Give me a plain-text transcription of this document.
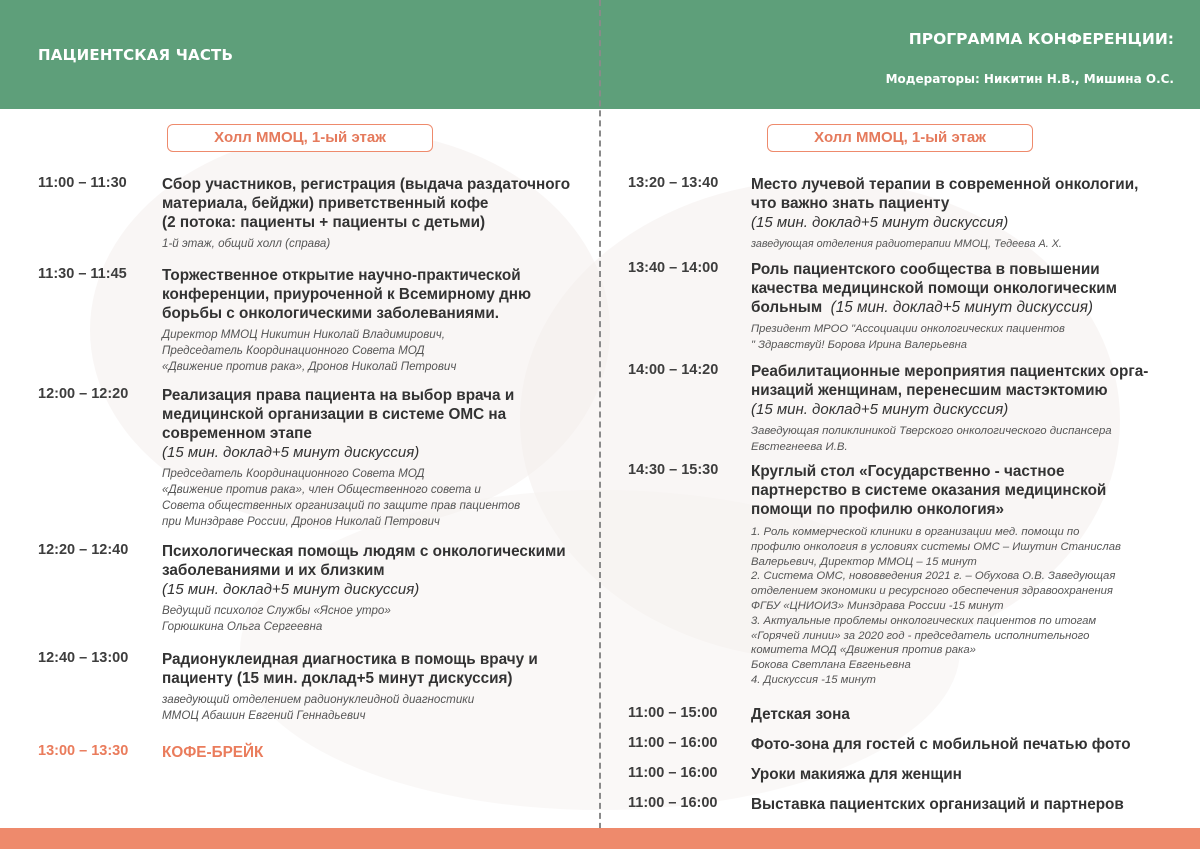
ПАЦИЕНТСКАЯ ЧАСТЬ
ПРОГРАММА КОНФЕРЕНЦИИ:
Модераторы: Никитин Н.В., Мишина О.С.
Холл ММОЦ, 1-ый этаж	Холл ММОЦ, 1-ый этаж
11:00 – 11:30 Сбор участников, регистрация (выдача раздаточного
материала, бейджи) приветственный кофе
(2 потока: пациенты + пациенты с детьми)
1-й этаж, общий холл (справа)
11:30 – 11:45 Торжественное открытие научно-практической
конференции, приуроченной к Всемирному дню
борьбы с онкологическими заболеваниями.
Директор ММОЦ Никитин Николай Владимирович,
Председатель Координационного Совета МОД
«Движение против рака», Дронов Николай Петрович
12:00 – 12:20 Реализация права пациента на выбор врача и
медицинской организации в системе ОМС на
современном этапе
(15 мин. доклад+5 минут дискуссия)
Председатель Координационного Совета МОД
«Движение против рака», член Общественного совета и
Совета общественных организаций по защите прав пациентов
при Минздраве России, Дронов Николай Петрович
12:20 – 12:40 Психологическая помощь людям с онкологическими
заболеваниями и их близким
(15 мин. доклад+5 минут дискуссия)
Ведущий психолог Службы «Ясное утро»
Горюшкина Ольга Сергеевна
12:40 – 13:00 Радионуклеидная диагностика в помощь врачу и
пациенту (15 мин. доклад+5 минут дискуссия)
заведующий отделением радионуклеидной диагностики
ММОЦ Абашин Евгений Геннадьевич
13:00 – 13:30 КОФЕ-БРЕЙК
13:20 – 13:40 Место лучевой терапии в современной онкологии,
что важно знать пациенту
(15 мин. доклад+5 минут дискуссия)
заведующая отделения радиотерапии ММОЦ, Тедеева А. Х.
13:40 – 14:00 Роль пациентского сообщества в повышении
качества медицинской помощи онкологическим
больным (15 мин. доклад+5 минут дискуссия)
Президент МРОО "Ассоциации онкологических пациентов
" Здравствуй! Борова Ирина Валерьевна
14:00 – 14:20 Реабилитационные мероприятия пациентских орга-
низаций женщинам, перенесшим мастэктомию
(15 мин. доклад+5 минут дискуссия)
Заведующая поликлиникой Тверского онкологического диспансера
Евстегнеева И.В.
14:30 – 15:30 Круглый стол «Государственно - частное
партнерство в системе оказания медицинской
помощи по профилю онкология»
1. Роль коммерческой клиники в организации мед. помощи по
профилю онкология в условиях системы ОМС – Ишутин Станислав
Валерьевич, Директор ММОЦ – 15 минут
2. Система ОМС, нововведения 2021 г. – Обухова О.В. Заведующая
отделением экономики и ресурсного обеспечения здравоохранения
ФГБУ «ЦНИОИЗ» Минздрава России -15 минут
3. Актуальные проблемы онкологических пациентов по итогам
«Горячей линии» за 2020 год - председатель исполнительного
комитета МОД «Движения против рака»
Бокова Светлана Евгеньевна
4. Дискуссия -15 минут
11:00 – 15:00 Детская зона
11:00 – 16:00 Фото-зона для гостей с мобильной печатью фото
11:00 – 16:00 Уроки макияжа для женщин
11:00 – 16:00 Выставка пациентских организаций и партнеров
